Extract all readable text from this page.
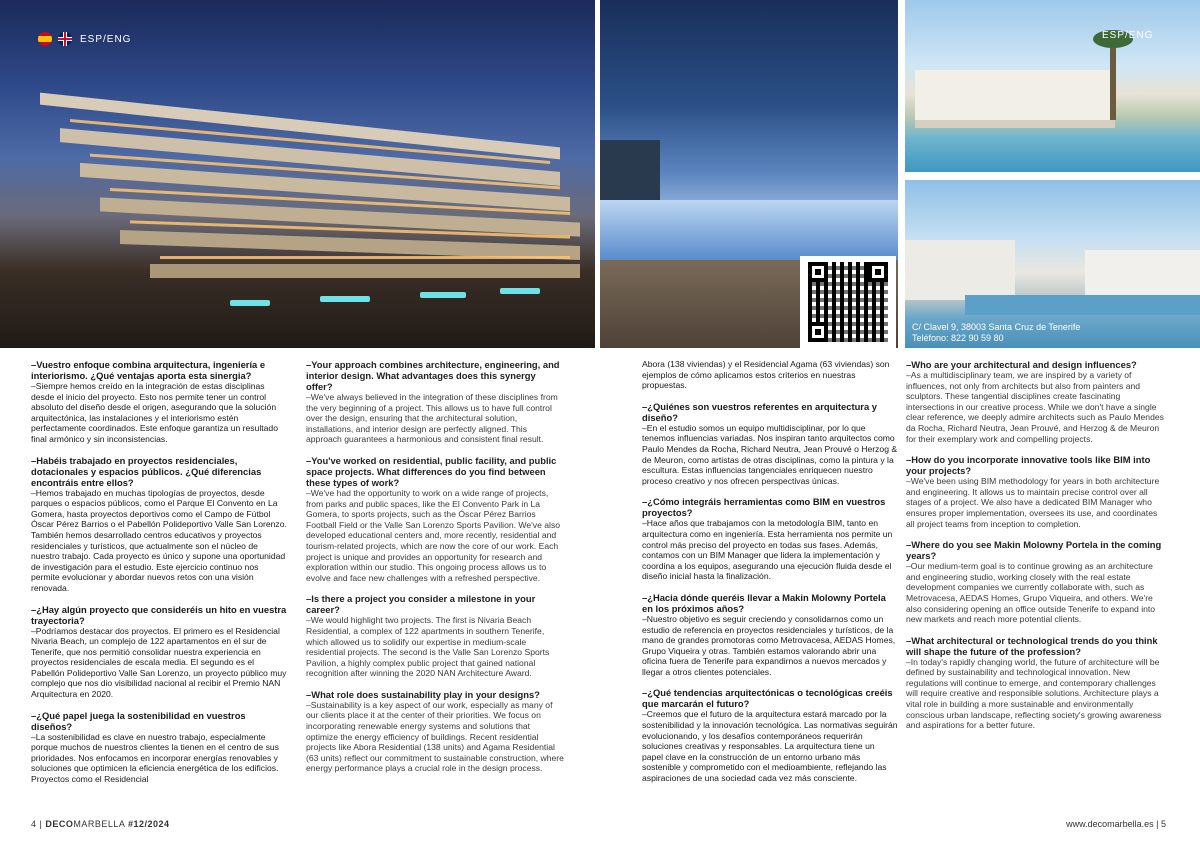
ESP/ENG	ESP/ENG
C/ Clavel 9, 38003 Santa Cruz de Tenerife
Teléfono: 822 90 59 80

–Vuestro enfoque combina arquitectura, ingeniería e interiorismo. ¿Qué ventajas aporta esta sinergia?

–Siempre hemos creído en la integración de estas disciplinas desde el inicio del proyecto. Esto nos permite tener un control absoluto del diseño desde el origen, asegurando que la solución arquitectónica, las instalaciones y el interiorismo estén perfectamente coordinados. Este enfoque garantiza un resultado final armónico y sin inconsistencias.

–Habéis trabajado en proyectos residenciales, dotacionales y espacios públicos. ¿Qué diferencias encontráis entre ellos?

–Hemos trabajado en muchas tipologías de proyectos, desde parques o espacios públicos, como el Parque El Convento en La Gomera, hasta proyectos deportivos como el Campo de Fútbol Óscar Pérez Barrios o el Pabellón Polideportivo Valle San Lorenzo. También hemos desarrollado centros educativos y proyectos residenciales y turísticos, que actualmente son el núcleo de nuestro trabajo. Cada proyecto es único y supone una oportunidad de investigación para el estudio. Este ejercicio continuo nos permite evolucionar y abordar nuevos retos con una visión renovada.

–¿Hay algún proyecto que consideréis un hito en vuestra trayectoria?

–Podríamos destacar dos proyectos. El primero es el Residencial Nivaria Beach, un complejo de 122 apartamentos en el sur de Tenerife, que nos permitió consolidar nuestra experiencia en proyectos residenciales de escala media. El segundo es el Pabellón Polideportivo Valle San Lorenzo, un proyecto público muy complejo que nos dio visibilidad nacional al recibir el Premio NAN Arquitectura en 2020.

–¿Qué papel juega la sostenibilidad en vuestros diseños?

–La sostenibilidad es clave en nuestro trabajo, especialmente porque muchos de nuestros clientes la tienen en el centro de sus prioridades. Nos enfocamos en incorporar energías renovables y soluciones que optimicen la eficiencia energética de los edificios. Proyectos como el Residencial

–Your approach combines architecture, engineering, and interior design. What advantages does this synergy offer?

–We've always believed in the integration of these disciplines from the very beginning of a project. This allows us to have full control over the design, ensuring that the architectural solution, installations, and interior design are perfectly aligned. This approach guarantees a harmonious and consistent final result.

–You've worked on residential, public facility, and public space projects. What differences do you find between these types of work?

–We've had the opportunity to work on a wide range of projects, from parks and public spaces, like the El Convento Park in La Gomera, to sports projects, such as the Óscar Pérez Barrios Football Field or the Valle San Lorenzo Sports Pavilion. We've also developed educational centers and, more recently, residential and tourism-related projects, which are now the core of our work. Each project is unique and provides an opportunity for research and exploration within our studio. This ongoing process allows us to evolve and face new challenges with a refreshed perspective.

–Is there a project you consider a milestone in your career?

–We would highlight two projects. The first is Nivaria Beach Residential, a complex of 122 apartments in southern Tenerife, which allowed us to solidify our expertise in medium-scale residential projects. The second is the Valle San Lorenzo Sports Pavilion, a highly complex public project that gained national recognition after winning the 2020 NAN Architecture Award.

–What role does sustainability play in your designs?

–Sustainability is a key aspect of our work, especially as many of our clients place it at the center of their priorities. We focus on incorporating renewable energy systems and solutions that optimize the energy efficiency of buildings. Recent residential projects like Abora Residential (138 units) and Agama Residential (63 units) reflect our commitment to sustainable construction, where energy performance plays a crucial role in the design process.

Abora (138 viviendas) y el Residencial Agama (63 viviendas) son ejemplos de cómo aplicamos estos criterios en nuestras propuestas.

–¿Quiénes son vuestros referentes en arquitectura y diseño?

–En el estudio somos un equipo multidisciplinar, por lo que tenemos influencias variadas. Nos inspiran tanto arquitectos como Paulo Mendes da Rocha, Richard Neutra, Jean Prouvé o Herzog & de Meuron, como artistas de otras disciplinas, como la pintura y la escultura. Estas influencias tangenciales enriquecen nuestro proceso creativo y nos ofrecen perspectivas únicas.

–¿Cómo integráis herramientas como BIM en vuestros proyectos?

–Hace años que trabajamos con la metodología BIM, tanto en arquitectura como en ingeniería. Esta herramienta nos permite un control más preciso del proyecto en todas sus fases. Además, contamos con un BIM Manager que lidera la implementación y coordina a los equipos, asegurando una ejecución fluida desde el diseño inicial hasta la finalización.

–¿Hacia dónde queréis llevar a Makin Molowny Portela en los próximos años?

–Nuestro objetivo es seguir creciendo y consolidarnos como un estudio de referencia en proyectos residenciales y turísticos, de la mano de grandes promotoras como Metrovacesa, AEDAS Homes, Grupo Viqueira y otras. También estamos valorando abrir una oficina fuera de Tenerife para expandirnos a nuevos mercados y llegar a otros clientes potenciales.

–¿Qué tendencias arquitectónicas o tecnológicas creéis que marcarán el futuro?

–Creemos que el futuro de la arquitectura estará marcado por la sostenibilidad y la innovación tecnológica. Las normativas seguirán evolucionando, y los desafíos contemporáneos requerirán soluciones creativas y responsables. La arquitectura tiene un papel clave en la construcción de un entorno urbano más sostenible y comprometido con el medioambiente, reflejando las aspiraciones de una sociedad cada vez más consciente.

–Who are your architectural and design influences?

–As a multidisciplinary team, we are inspired by a variety of influences, not only from architects but also from painters and sculptors. These tangential disciplines create fascinating intersections in our creative process. While we don't have a single clear reference, we deeply admire architects such as Paulo Mendes da Rocha, Richard Neutra, Jean Prouvé, and Herzog & de Meuron for their exemplary work and compelling projects.

–How do you incorporate innovative tools like BIM into your projects?

–We've been using BIM methodology for years in both architecture and engineering. It allows us to maintain precise control over all stages of a project. We also have a dedicated BIM Manager who ensures proper implementation, oversees its use, and coordinates all project teams from inception to completion.

–Where do you see Makin Molowny Portela in the coming years?

–Our medium-term goal is to continue growing as an architecture and engineering studio, working closely with the real estate development companies we currently collaborate with, such as Metrovacesa, AEDAS Homes, Grupo Viqueira, and others. We're also considering opening an office outside Tenerife to expand into new markets and reach more potential clients.

–What architectural or technological trends do you think will shape the future of the profession?

–In today's rapidly changing world, the future of architecture will be defined by sustainability and technological innovation. New regulations will continue to emerge, and contemporary challenges will require creative and responsible solutions. Architecture plays a vital role in building a more sustainable and environmentally conscious urban landscape, reflecting society's growing awareness and aspirations for a better future.

4 | DECOMARBELLA #12/2024	www.decomarbella.es | 5
